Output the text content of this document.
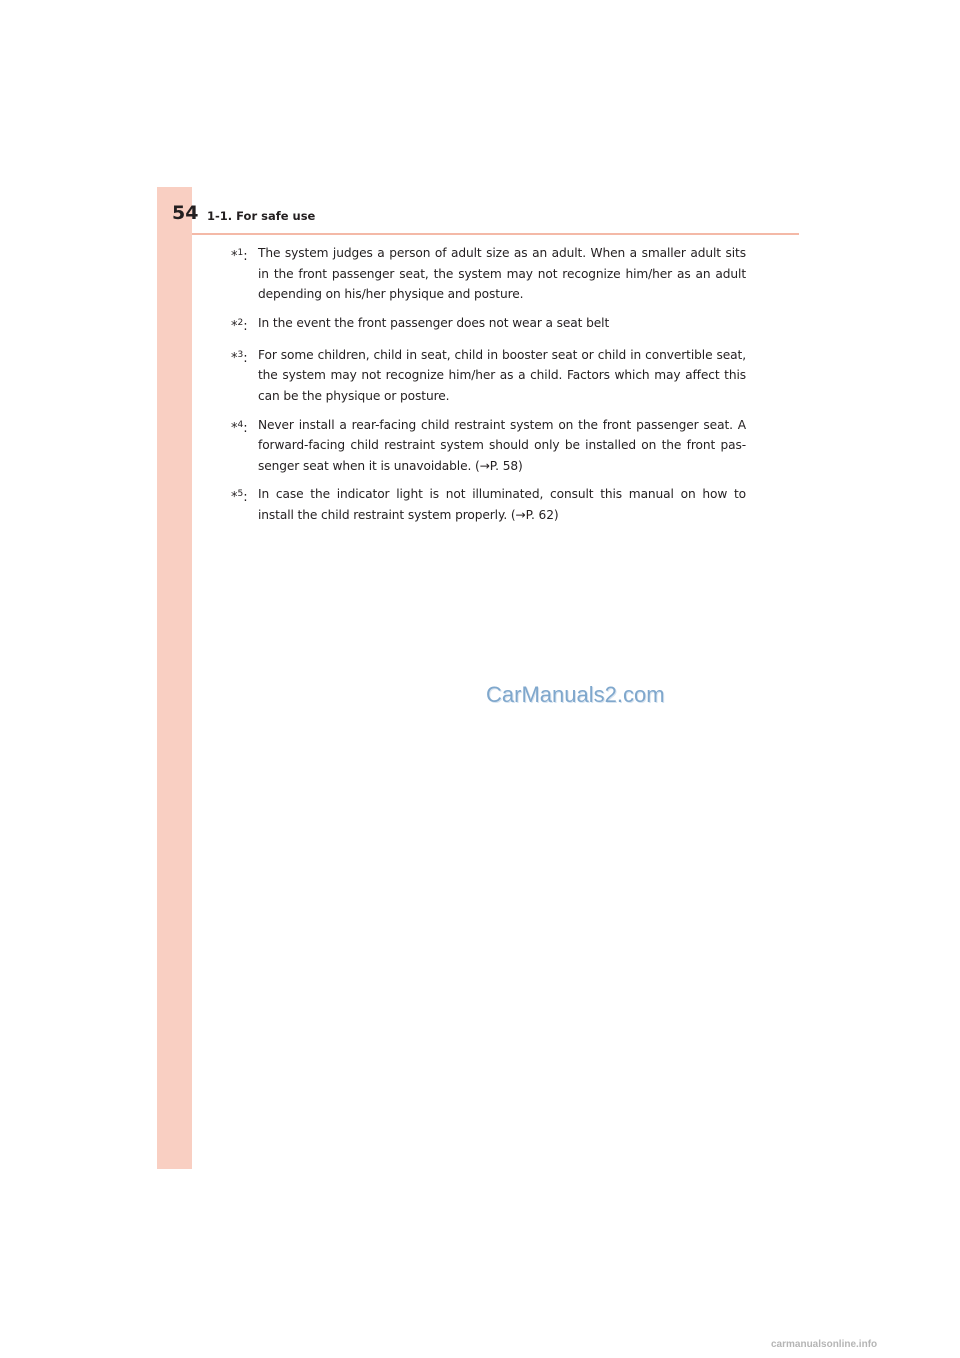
54 1-1. For safe use
*$^1$: The system judges a person of adult size as an adult. When a smaller adult sits in the front passenger seat, the system may not recognize him/her as an adult depending on his/her physique and posture.
*$^2$: In the event the front passenger does not wear a seat belt
*$^3$: For some children, child in seat, child in booster seat or child in convertible seat, the system may not recognize him/her as a child. Factors which may affect this can be the physique or posture.
*$^4$: Never install a rear-facing child restraint system on the front passenger seat. A forward-facing child restraint system should only be installed on the front pas-senger seat when it is unavoidable. (→P. 58)
*$^5$: In case the indicator light is not illuminated, consult this manual on how to install the child restraint system properly. (→P. 62)
CarManuals2.com
carmanualsonline.info
